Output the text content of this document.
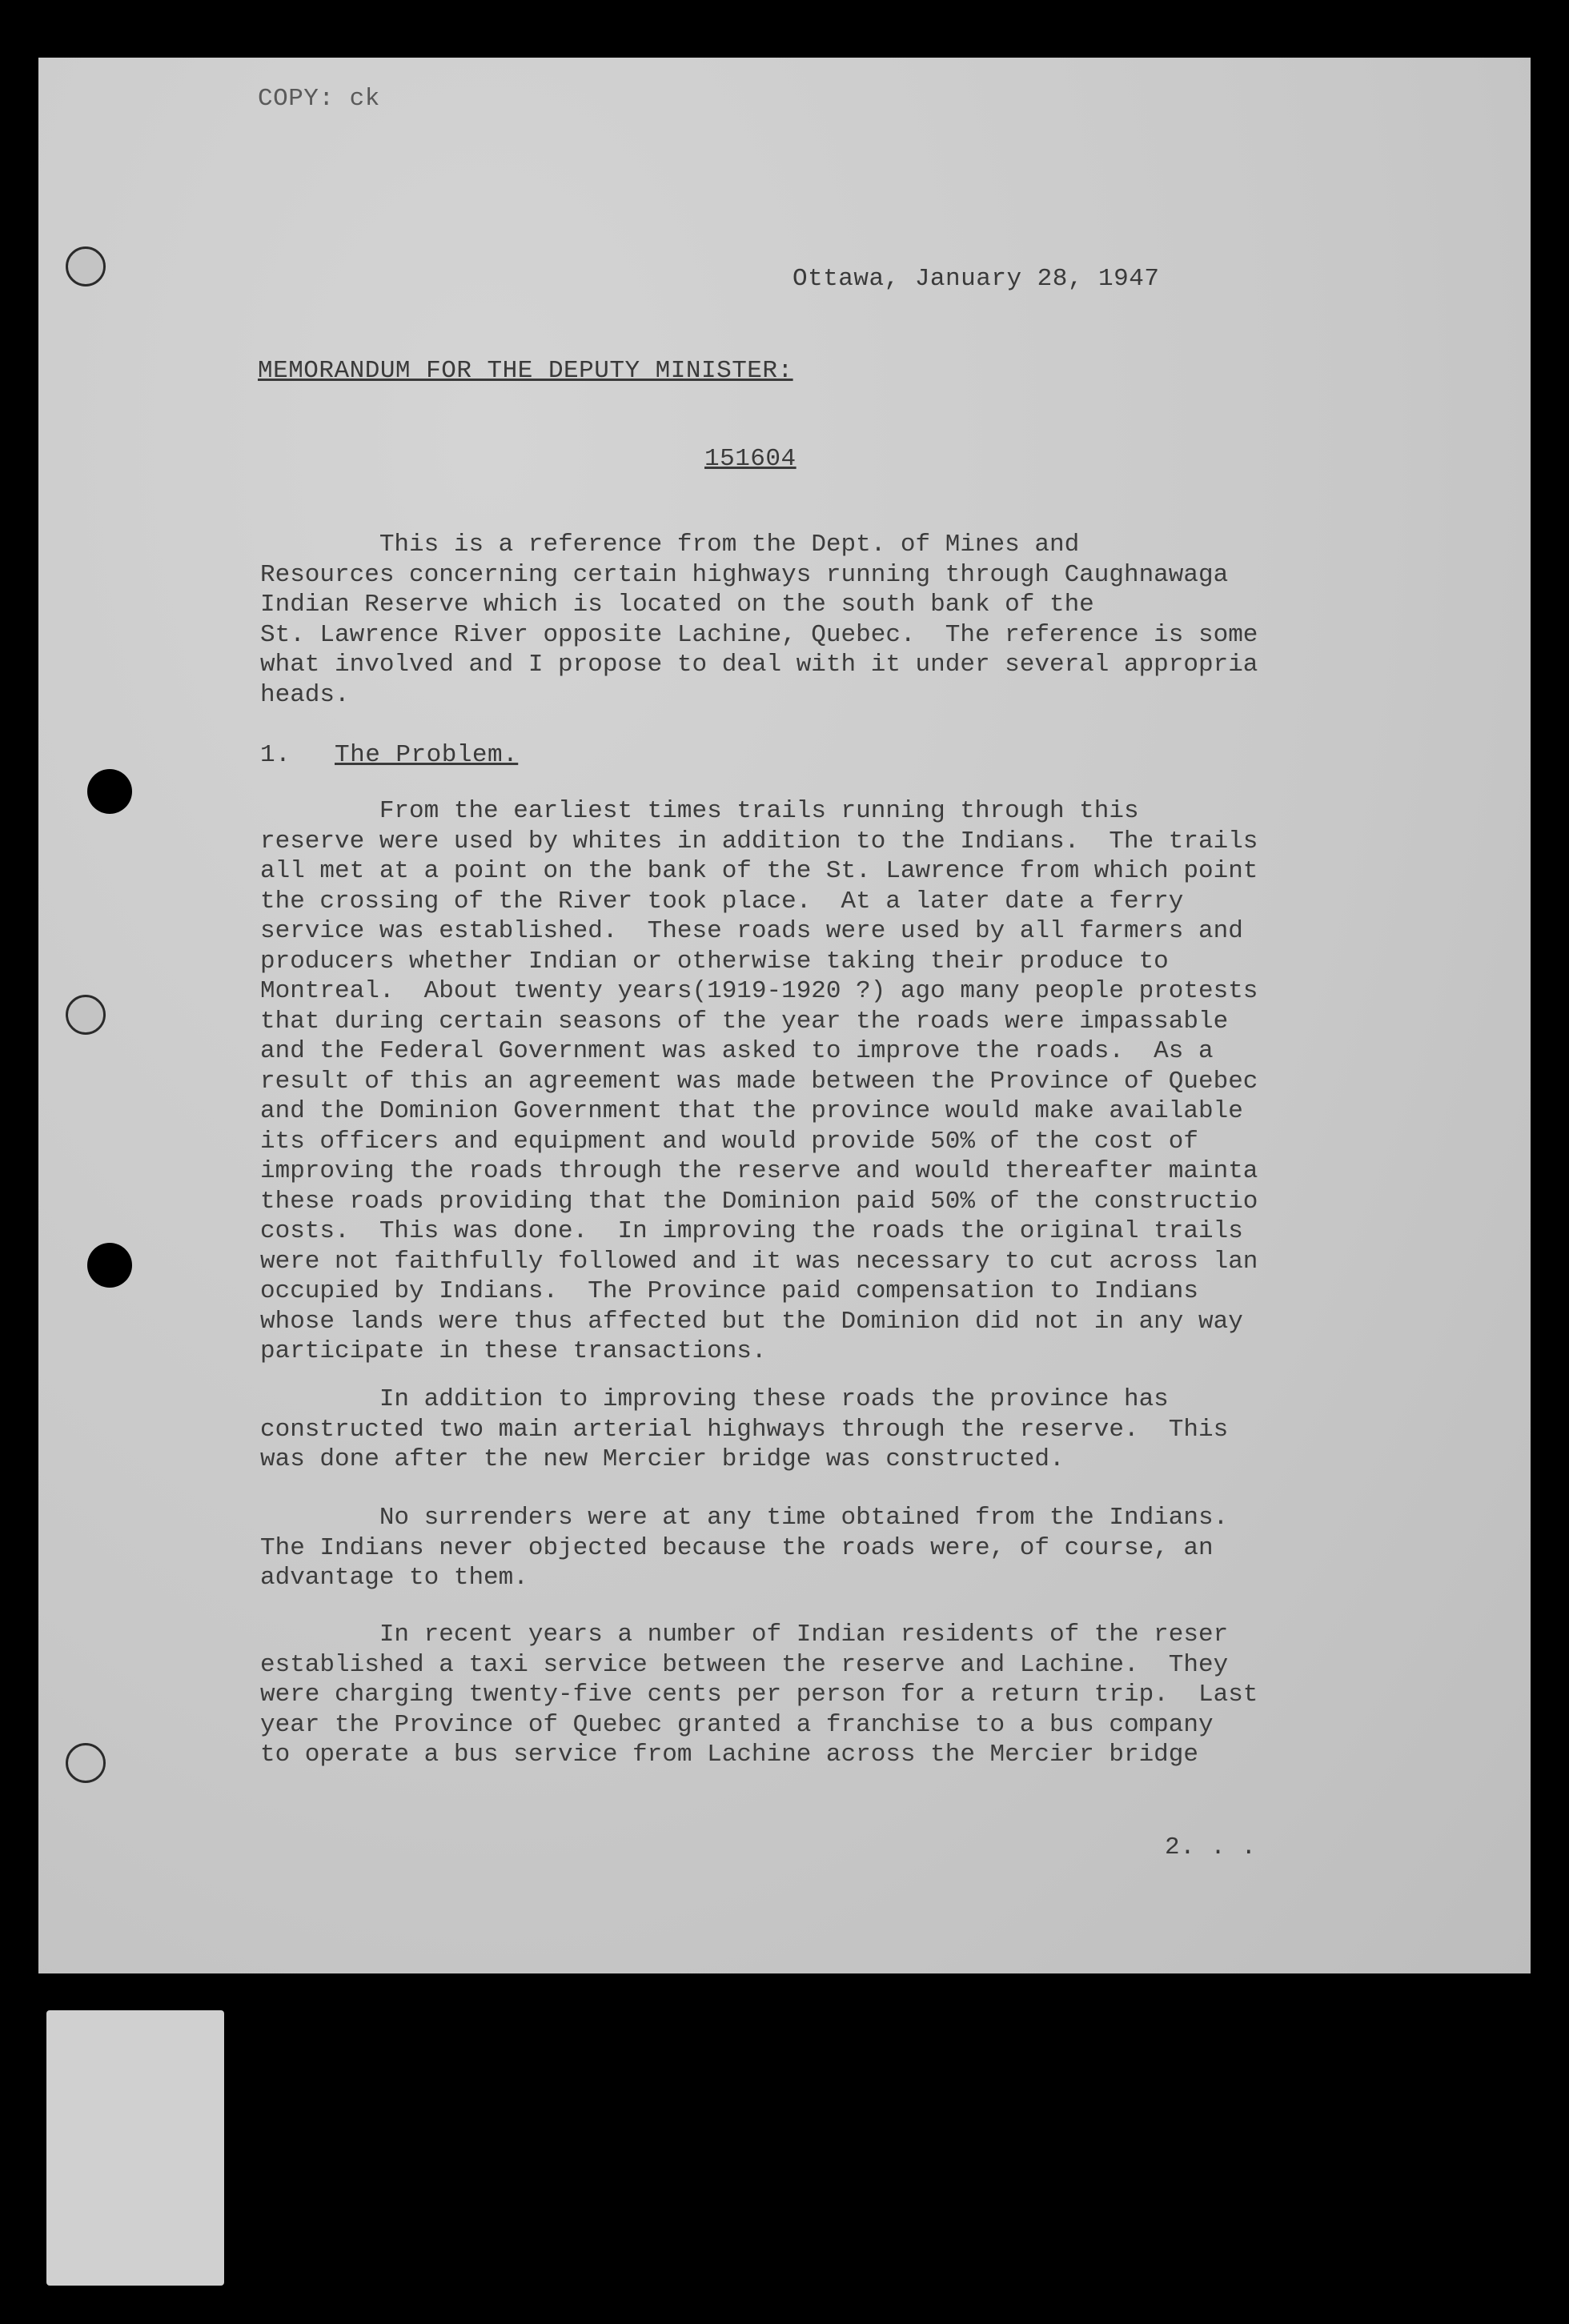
COPY: ck
Ottawa, January 28, 1947
MEMORANDUM FOR THE DEPUTY MINISTER:
151604
This is a reference from the Dept. of Mines and
Resources concerning certain highways running through Caughnawaga
Indian Reserve which is located on the south bank of the
St. Lawrence River opposite Lachine, Quebec.  The reference is some
what involved and I propose to deal with it under several appropria
heads.
1. The Problem.
From the earliest times trails running through this
reserve were used by whites in addition to the Indians.  The trails
all met at a point on the bank of the St. Lawrence from which point
the crossing of the River took place.  At a later date a ferry
service was established.  These roads were used by all farmers and
producers whether Indian or otherwise taking their produce to
Montreal.  About twenty years(1919-1920 ?) ago many people protests
that during certain seasons of the year the roads were impassable
and the Federal Government was asked to improve the roads.  As a
result of this an agreement was made between the Province of Quebec
and the Dominion Government that the province would make available
its officers and equipment and would provide 50% of the cost of
improving the roads through the reserve and would thereafter mainta
these roads providing that the Dominion paid 50% of the constructio
costs.  This was done.  In improving the roads the original trails
were not faithfully followed and it was necessary to cut across lan
occupied by Indians.  The Province paid compensation to Indians
whose lands were thus affected but the Dominion did not in any way
participate in these transactions.
In addition to improving these roads the province has
constructed two main arterial highways through the reserve.  This
was done after the new Mercier bridge was constructed.
No surrenders were at any time obtained from the Indians.
The Indians never objected because the roads were, of course, an
advantage to them.
In recent years a number of Indian residents of the reser
established a taxi service between the reserve and Lachine.  They
were charging twenty-five cents per person for a return trip.  Last
year the Province of Quebec granted a franchise to a bus company
to operate a bus service from Lachine across the Mercier bridge
2. . .
